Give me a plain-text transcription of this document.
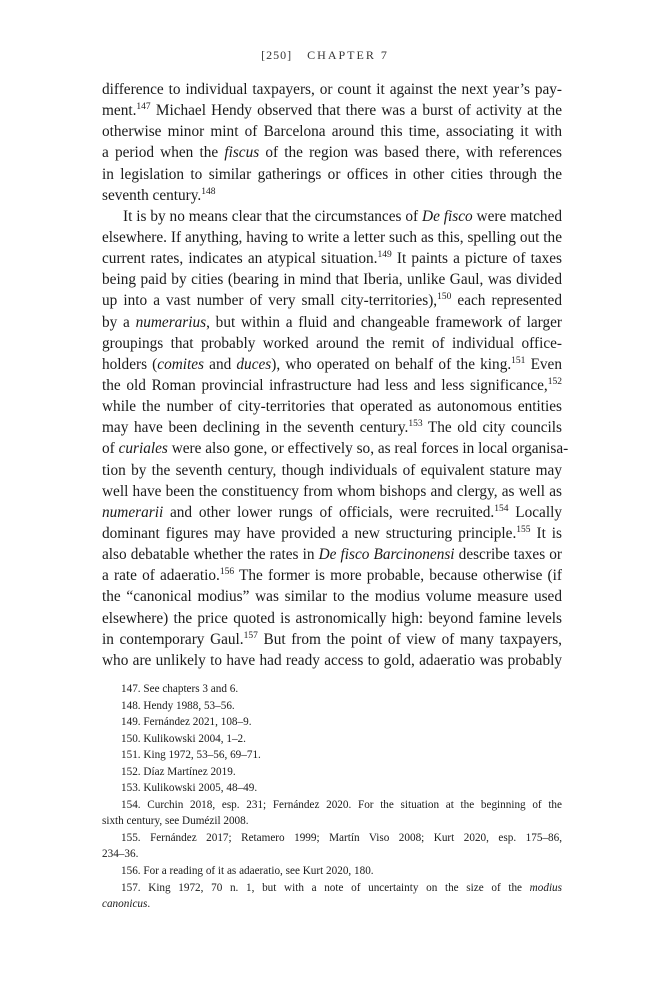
[250] CHAPTER 7
difference to individual taxpayers, or count it against the next year’s pay-
ment.$^{147}$ Michael Hendy observed that there was a burst of activity at the
otherwise minor mint of Barcelona around this time, associating it with
a period when the fiscus of the region was based there, with references
in legislation to similar gatherings or offices in other cities through the
seventh century.$^{148}$
It is by no means clear that the circumstances of De fisco were matched
elsewhere. If anything, having to write a letter such as this, spelling out the
current rates, indicates an atypical situation.$^{149}$ It paints a picture of taxes
being paid by cities (bearing in mind that Iberia, unlike Gaul, was divided
up into a vast number of very small city-territories),$^{150}$ each represented
by a numerarius, but within a fluid and changeable framework of larger
groupings that probably worked around the remit of individual office-
holders (comites and duces), who operated on behalf of the king.$^{151}$ Even
the old Roman provincial infrastructure had less and less significance,$^{152}$
while the number of city-territories that operated as autonomous entities
may have been declining in the seventh century.$^{153}$ The old city councils
of curiales were also gone, or effectively so, as real forces in local organisa-
tion by the seventh century, though individuals of equivalent stature may
well have been the constituency from whom bishops and clergy, as well as
numerarii and other lower rungs of officials, were recruited.$^{154}$ Locally
dominant figures may have provided a new structuring principle.$^{155}$ It is
also debatable whether the rates in De fisco Barcinonensi describe taxes or
a rate of adaeratio.$^{156}$ The former is more probable, because otherwise (if
the “canonical modius” was similar to the modius volume measure used
elsewhere) the price quoted is astronomically high: beyond famine levels
in contemporary Gaul.$^{157}$ But from the point of view of many taxpayers,
who are unlikely to have had ready access to gold, adaeratio was probably
147. See chapters 3 and 6.
148. Hendy 1988, 53–56.
149. Fernández 2021, 108–9.
150. Kulikowski 2004, 1–2.
151. King 1972, 53–56, 69–71.
152. Díaz Martínez 2019.
153. Kulikowski 2005, 48–49.
154. Curchin 2018, esp. 231; Fernández 2020. For the situation at the beginning of the
sixth century, see Dumézil 2008.
155. Fernández 2017; Retamero 1999; Martín Viso 2008; Kurt 2020, esp. 175–86,
234–36.
156. For a reading of it as adaeratio, see Kurt 2020, 180.
157. King 1972, 70 n. 1, but with a note of uncertainty on the size of the modius
canonicus.
